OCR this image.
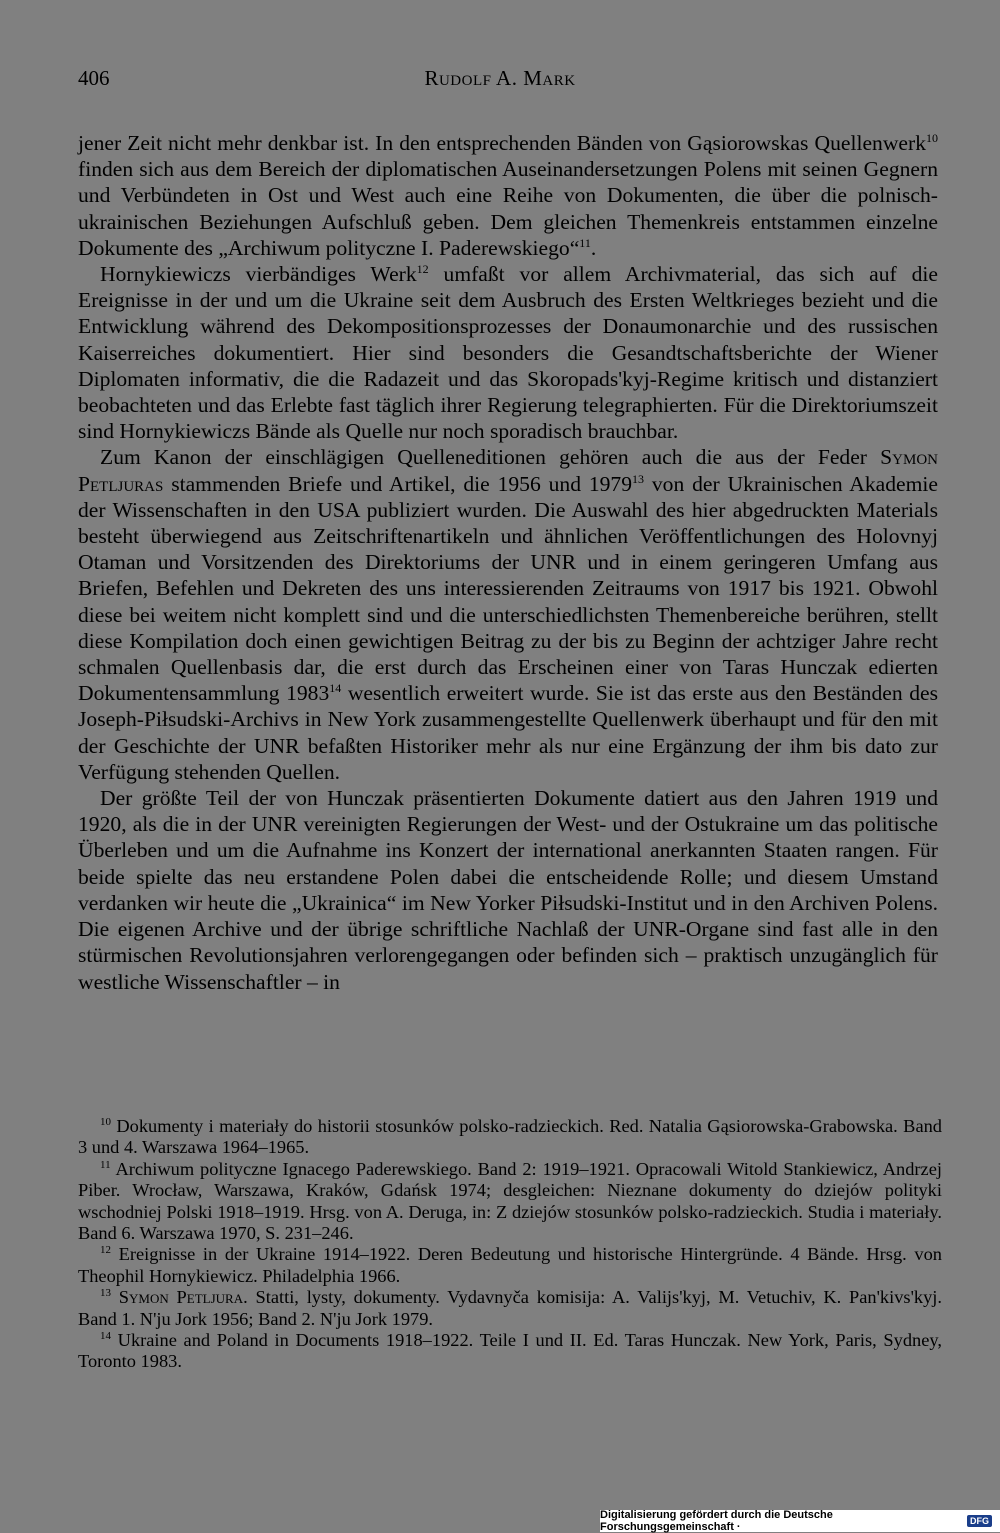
406	Rudolf A. Mark

jener Zeit nicht mehr denkbar ist. In den entsprechenden Bänden von Gąsiorowskas Quellenwerk$^{10}$ finden sich aus dem Bereich der diplomatischen Auseinandersetzungen Polens mit seinen Gegnern und Verbündeten in Ost und West auch eine Reihe von Dokumenten, die über die polnisch-ukrainischen Beziehungen Aufschluß geben. Dem gleichen Themenkreis entstammen einzelne Dokumente des „Archiwum polityczne I. Paderewskiego“$^{11}$.

Hornykiewiczs vierbändiges Werk$^{12}$ umfaßt vor allem Archivmaterial, das sich auf die Ereignisse in der und um die Ukraine seit dem Ausbruch des Ersten Weltkrieges bezieht und die Entwicklung während des Dekompositionsprozesses der Donaumonarchie und des russischen Kaiserreiches dokumentiert. Hier sind besonders die Gesandtschaftsberichte der Wiener Diplomaten informativ, die die Radazeit und das Skoropads'kyj-Regime kritisch und distanziert beobachteten und das Erlebte fast täglich ihrer Regierung telegraphierten. Für die Direktoriumszeit sind Hornykiewiczs Bände als Quelle nur noch sporadisch brauchbar.

Zum Kanon der einschlägigen Quelleneditionen gehören auch die aus der Feder Symon Petljuras stammenden Briefe und Artikel, die 1956 und 1979$^{13}$ von der Ukrainischen Akademie der Wissenschaften in den USA publiziert wurden. Die Auswahl des hier abgedruckten Materials besteht überwiegend aus Zeitschriftenartikeln und ähnlichen Veröffentlichungen des Holovnyj Otaman und Vorsitzenden des Direktoriums der UNR und in einem geringeren Umfang aus Briefen, Befehlen und Dekreten des uns interessierenden Zeitraums von 1917 bis 1921. Obwohl diese bei weitem nicht komplett sind und die unterschiedlichsten Themenbereiche berühren, stellt diese Kompilation doch einen gewichtigen Beitrag zu der bis zu Beginn der achtziger Jahre recht schmalen Quellenbasis dar, die erst durch das Erscheinen einer von Taras Hunczak edierten Dokumentensammlung 1983$^{14}$ wesentlich erweitert wurde. Sie ist das erste aus den Beständen des Joseph-Piłsudski-Archivs in New York zusammengestellte Quellenwerk überhaupt und für den mit der Geschichte der UNR befaßten Historiker mehr als nur eine Ergänzung der ihm bis dato zur Verfügung stehenden Quellen.

Der größte Teil der von Hunczak präsentierten Dokumente datiert aus den Jahren 1919 und 1920, als die in der UNR vereinigten Regierungen der West- und der Ostukraine um das politische Überleben und um die Aufnahme ins Konzert der international anerkannten Staaten rangen. Für beide spielte das neu erstandene Polen dabei die entscheidende Rolle; und diesem Umstand verdanken wir heute die „Ukrainica“ im New Yorker Piłsudski-Institut und in den Archiven Polens. Die eigenen Archive und der übrige schriftliche Nachlaß der UNR-Organe sind fast alle in den stürmischen Revolutionsjahren verlorengegangen oder befinden sich – praktisch unzugänglich für westliche Wissenschaftler – in

$^{10}$ Dokumenty i materiały do historii stosunków polsko-radzieckich. Red. Natalia Gąsiorowska-Grabowska. Band 3 und 4. Warszawa 1964–1965.

$^{11}$ Archiwum polityczne Ignacego Paderewskiego. Band 2: 1919–1921. Opracowali Witold Stankiewicz, Andrzej Piber. Wrocław, Warszawa, Kraków, Gdańsk 1974; desgleichen: Nieznane dokumenty do dziejów polityki wschodniej Polski 1918–1919. Hrsg. von A. Deruga, in: Z dziejów stosunków polsko-radzieckich. Studia i materiały. Band 6. Warszawa 1970, S. 231–246.

$^{12}$ Ereignisse in der Ukraine 1914–1922. Deren Bedeutung und historische Hintergründe. 4 Bände. Hrsg. von Theophil Hornykiewicz. Philadelphia 1966.

$^{13}$ Symon Petljura. Statti, lysty, dokumenty. Vydavnyča komisija: A. Valijs'kyj, M. Vetuchiv, K. Pan'kivs'kyj. Band 1. N'ju Jork 1956; Band 2. N'ju Jork 1979.

$^{14}$ Ukraine and Poland in Documents 1918–1922. Teile I und II. Ed. Taras Hunczak. New York, Paris, Sydney, Toronto 1983.

Digitalisierung gefördert durch die Deutsche Forschungsgemeinschaft ·	DFG
